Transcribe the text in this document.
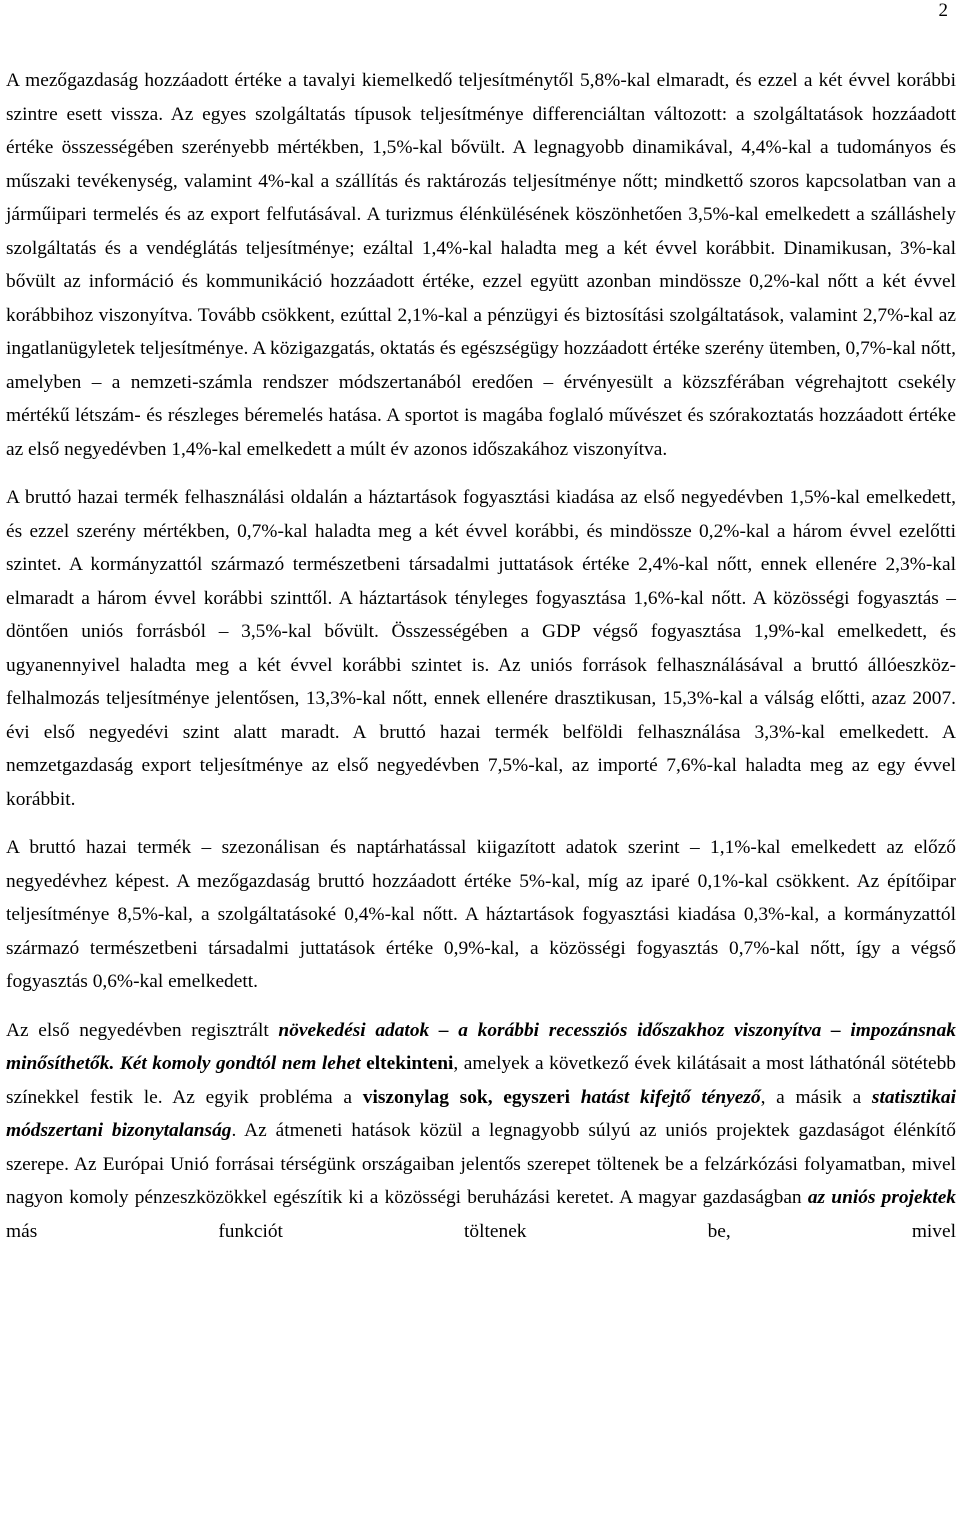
2

A mezőgazdaság hozzáadott értéke a tavalyi kiemelkedő teljesítménytől 5,8%-kal elmaradt, és ezzel a két évvel korábbi szintre esett vissza. Az egyes szolgáltatás típusok teljesítménye differenciáltan változott: a szolgáltatások hozzáadott értéke összességében szerényebb mértékben, 1,5%-kal bővült. A legnagyobb dinamikával, 4,4%-kal a tudományos és műszaki tevékenység, valamint 4%-kal a szállítás és raktározás teljesítménye nőtt; mindkettő szoros kapcsolatban van a járműipari termelés és az export felfutásával. A turizmus élénkülésének köszönhetően 3,5%-kal emelkedett a szálláshely szolgáltatás és a vendéglátás teljesítménye; ezáltal 1,4%-kal haladta meg a két évvel korábbit. Dinamikusan, 3%-kal bővült az információ és kommunikáció hozzáadott értéke, ezzel együtt azonban mindössze 0,2%-kal nőtt a két évvel korábbihoz viszonyítva. Tovább csökkent, ezúttal 2,1%-kal a pénzügyi és biztosítási szolgáltatások, valamint 2,7%-kal az ingatlanügyletek teljesítménye. A közigazgatás, oktatás és egészségügy hozzáadott értéke szerény ütemben, 0,7%-kal nőtt, amelyben – a nemzeti-számla rendszer módszertanából eredően – érvényesült a közszférában végrehajtott csekély mértékű létszám- és részleges béremelés hatása. A sportot is magába foglaló művészet és szórakoztatás hozzáadott értéke az első negyedévben 1,4%-kal emelkedett a múlt év azonos időszakához viszonyítva.

A bruttó hazai termék felhasználási oldalán a háztartások fogyasztási kiadása az első negyedévben 1,5%-kal emelkedett, és ezzel szerény mértékben, 0,7%-kal haladta meg a két évvel korábbi, és mindössze 0,2%-kal a három évvel ezelőtti szintet. A kormányzattól származó természetbeni társadalmi juttatások értéke 2,4%-kal nőtt, ennek ellenére 2,3%-kal elmaradt a három évvel korábbi szinttől. A háztartások tényleges fogyasztása 1,6%-kal nőtt. A közösségi fogyasztás – döntően uniós forrásból – 3,5%-kal bővült. Összességében a GDP végső fogyasztása 1,9%-kal emelkedett, és ugyanennyivel haladta meg a két évvel korábbi szintet is. Az uniós források felhasználásával a bruttó állóeszköz-felhalmozás teljesítménye jelentősen, 13,3%-kal nőtt, ennek ellenére drasztikusan, 15,3%-kal a válság előtti, azaz 2007. évi első negyedévi szint alatt maradt. A bruttó hazai termék belföldi felhasználása 3,3%-kal emelkedett. A nemzetgazdaság export teljesítménye az első negyedévben 7,5%-kal, az importé 7,6%-kal haladta meg az egy évvel korábbit.

A bruttó hazai termék – szezonálisan és naptárhatással kiigazított adatok szerint – 1,1%-kal emelkedett az előző negyedévhez képest. A mezőgazdaság bruttó hozzáadott értéke 5%-kal, míg az iparé 0,1%-kal csökkent. Az építőipar teljesítménye 8,5%-kal, a szolgáltatásoké 0,4%-kal nőtt. A háztartások fogyasztási kiadása 0,3%-kal, a kormányzattól származó természetbeni társadalmi juttatások értéke 0,9%-kal, a közösségi fogyasztás 0,7%-kal nőtt, így a végső fogyasztás 0,6%-kal emelkedett.

Az első negyedévben regisztrált növekedési adatok – a korábbi recessziós időszakhoz viszonyítva – impozánsnak minősíthetők. Két komoly gondtól nem lehet eltekinteni, amelyek a következő évek kilátásait a most láthatónál sötétebb színekkel festik le. Az egyik probléma a viszonylag sok, egyszeri hatást kifejtő tényező, a másik a statisztikai módszertani bizonytalanság. Az átmeneti hatások közül a legnagyobb súlyú az uniós projektek gazdaságot élénkítő szerepe. Az Európai Unió forrásai térségünk országaiban jelentős szerepet töltenek be a felzárkózási folyamatban, mivel nagyon komoly pénzeszközökkel egészítik ki a közösségi beruházási keretet. A magyar gazdaságban az uniós projektek más funkciót töltenek be, mivel
